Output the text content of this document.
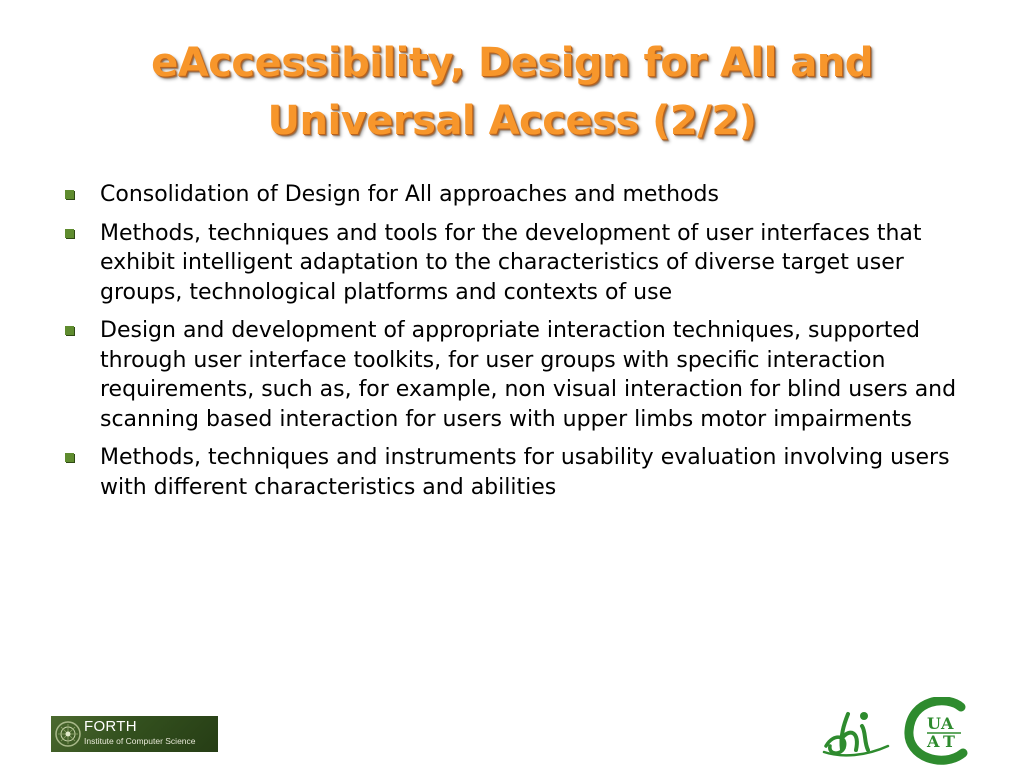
eAccessibility, Design for All and
Universal Access (2/2)
Consolidation of Design for All approaches and methods
Methods, techniques and tools for the development of user interfaces that exhibit intelligent adaptation to the characteristics of diverse target user groups, technological platforms and contexts of use
Design and development of appropriate interaction techniques, supported through user interface toolkits, for user groups with specific interaction requirements, such as, for example, non visual interaction for blind users and scanning based interaction for users with upper limbs motor impairments
Methods, techniques and instruments for usability evaluation involving users with different characteristics and abilities
FORTH
Institute of Computer Science
U A
A T
